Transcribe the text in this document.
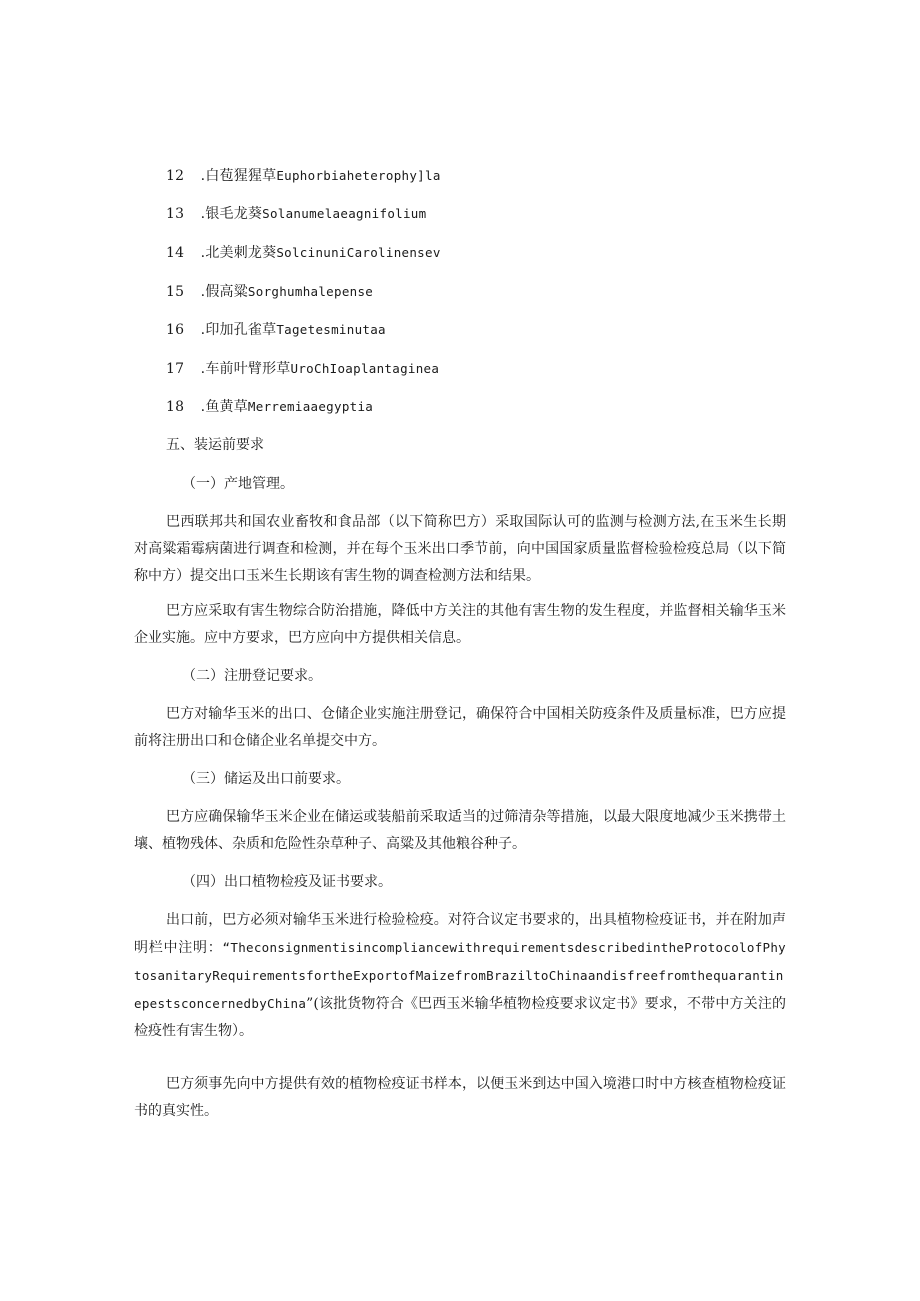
12 .白苞猩猩草Euphorbiaheterophy]la
13 .银毛龙葵Solanumelaeagnifolium
14 .北美刺龙葵SolcinuniCarolinensev
15 .假高粱Sorghumhalepense
16 .印加孔雀草Tagetesminutaa
17 .车前叶臂形草UroChIoaplantaginea
18 .鱼黄草Merremiaaegyptia
五、装运前要求
（一）产地管理。
巴西联邦共和国农业畜牧和食品部（以下简称巴方）采取国际认可的监测与检测方法,在玉米生长期对高粱霜霉病菌进行调查和检测，并在每个玉米出口季节前，向中国国家质量监督检验检疫总局（以下简称中方）提交出口玉米生长期该有害生物的调查检测方法和结果。
巴方应采取有害生物综合防治措施，降低中方关注的其他有害生物的发生程度，并监督相关输华玉米企业实施。应中方要求，巴方应向中方提供相关信息。
（二）注册登记要求。
巴方对输华玉米的出口、仓储企业实施注册登记，确保符合中国相关防疫条件及质量标准，巴方应提前将注册出口和仓储企业名单提交中方。
（三）储运及出口前要求。
巴方应确保输华玉米企业在储运或装船前采取适当的过筛清杂等措施，以最大限度地减少玉米携带土壤、植物残体、杂质和危险性杂草种子、高粱及其他粮谷种子。
（四）出口植物检疫及证书要求。
出口前，巴方必须对输华玉米进行检验检疫。对符合议定书要求的，出具植物检疫证书，并在附加声明栏中注明：“TheconsignmentisincompliancewithrequirementsdescribedintheProtocolofPhytosanitaryRequirementsfortheExportofMaizefromBraziltoChinaandisfreefromthequarantinepestsconcernedbyChina”(该批货物符合《巴西玉米输华植物检疫要求议定书》要求，不带中方关注的检疫性有害生物）。
巴方须事先向中方提供有效的植物检疫证书样本，以便玉米到达中国入境港口时中方核查植物检疫证书的真实性。
